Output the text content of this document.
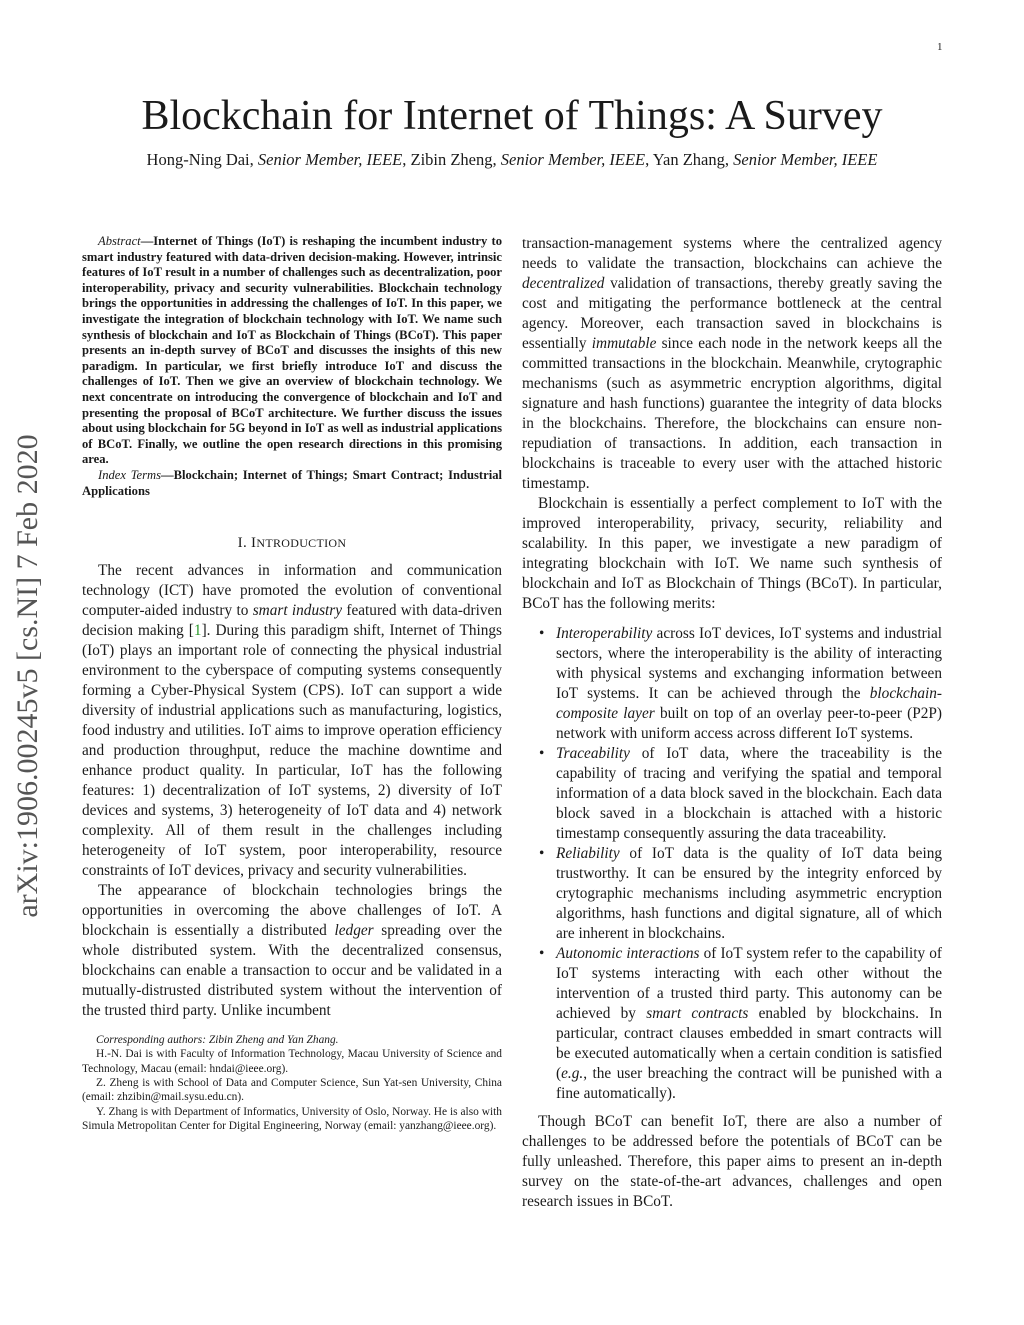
1
arXiv:1906.00245v5 [cs.NI] 7 Feb 2020
Blockchain for Internet of Things: A Survey
Hong-Ning Dai, Senior Member, IEEE, Zibin Zheng, Senior Member, IEEE, Yan Zhang, Senior Member, IEEE

Abstract—Internet of Things (IoT) is reshaping the incumbent industry to smart industry featured with data-driven decision-making. However, intrinsic features of IoT result in a number of challenges such as decentralization, poor interoperability, privacy and security vulnerabilities. Blockchain technology brings the opportunities in addressing the challenges of IoT. In this paper, we investigate the integration of blockchain technology with IoT. We name such synthesis of blockchain and IoT as Blockchain of Things (BCoT). This paper presents an in-depth survey of BCoT and discusses the insights of this new paradigm. In particular, we first briefly introduce IoT and discuss the challenges of IoT. Then we give an overview of blockchain technology. We next concentrate on introducing the convergence of blockchain and IoT and presenting the proposal of BCoT architecture. We further discuss the issues about using blockchain for 5G beyond in IoT as well as industrial applications of BCoT. Finally, we outline the open research directions in this promising area.

Index Terms—Blockchain; Internet of Things; Smart Contract; Industrial Applications

I. INTRODUCTION

The recent advances in information and communication technology (ICT) have promoted the evolution of conventional computer-aided industry to smart industry featured with data-driven decision making [1]. During this paradigm shift, Internet of Things (IoT) plays an important role of connecting the physical industrial environment to the cyberspace of computing systems consequently forming a Cyber-Physical System (CPS). IoT can support a wide diversity of industrial applications such as manufacturing, logistics, food industry and utilities. IoT aims to improve operation efficiency and production throughput, reduce the machine downtime and enhance product quality. In particular, IoT has the following features: 1) decentralization of IoT systems, 2) diversity of IoT devices and systems, 3) heterogeneity of IoT data and 4) network complexity. All of them result in the challenges including heterogeneity of IoT system, poor interoperability, resource constraints of IoT devices, privacy and security vulnerabilities.

The appearance of blockchain technologies brings the opportunities in overcoming the above challenges of IoT. A blockchain is essentially a distributed ledger spreading over the whole distributed system. With the decentralized consensus, blockchains can enable a transaction to occur and be validated in a mutually-distrusted distributed system without the intervention of the trusted third party. Unlike incumbent

Corresponding authors: Zibin Zheng and Yan Zhang.

H.-N. Dai is with Faculty of Information Technology, Macau University of Science and Technology, Macau (email: hndai@ieee.org).

Z. Zheng is with School of Data and Computer Science, Sun Yat-sen University, China (email: zhzibin@mail.sysu.edu.cn).

Y. Zhang is with Department of Informatics, University of Oslo, Norway. He is also with Simula Metropolitan Center for Digital Engineering, Norway (email: yanzhang@ieee.org).

transaction-management systems where the centralized agency needs to validate the transaction, blockchains can achieve the decentralized validation of transactions, thereby greatly saving the cost and mitigating the performance bottleneck at the central agency. Moreover, each transaction saved in blockchains is essentially immutable since each node in the network keeps all the committed transactions in the blockchain. Meanwhile, crytographic mechanisms (such as asymmetric encryption algorithms, digital signature and hash functions) guarantee the integrity of data blocks in the blockchains. Therefore, the blockchains can ensure non-repudiation of transactions. In addition, each transaction in blockchains is traceable to every user with the attached historic timestamp.

Blockchain is essentially a perfect complement to IoT with the improved interoperability, privacy, security, reliability and scalability. In this paper, we investigate a new paradigm of integrating blockchain with IoT. We name such synthesis of blockchain and IoT as Blockchain of Things (BCoT). In particular, BCoT has the following merits:

• Interoperability across IoT devices, IoT systems and industrial sectors, where the interoperability is the ability of interacting with physical systems and exchanging information between IoT systems. It can be achieved through the blockchain-composite layer built on top of an overlay peer-to-peer (P2P) network with uniform access across different IoT systems.
• Traceability of IoT data, where the traceability is the capability of tracing and verifying the spatial and temporal information of a data block saved in the blockchain. Each data block saved in a blockchain is attached with a historic timestamp consequently assuring the data traceability.
• Reliability of IoT data is the quality of IoT data being trustworthy. It can be ensured by the integrity enforced by crytographic mechanisms including asymmetric encryption algorithms, hash functions and digital signature, all of which are inherent in blockchains.
• Autonomic interactions of IoT system refer to the capability of IoT systems interacting with each other without the intervention of a trusted third party. This autonomy can be achieved by smart contracts enabled by blockchains. In particular, contract clauses embedded in smart contracts will be executed automatically when a certain condition is satisfied (e.g., the user breaching the contract will be punished with a fine automatically).

Though BCoT can benefit IoT, there are also a number of challenges to be addressed before the potentials of BCoT can be fully unleashed. Therefore, this paper aims to present an in-depth survey on the state-of-the-art advances, challenges and open research issues in BCoT.
